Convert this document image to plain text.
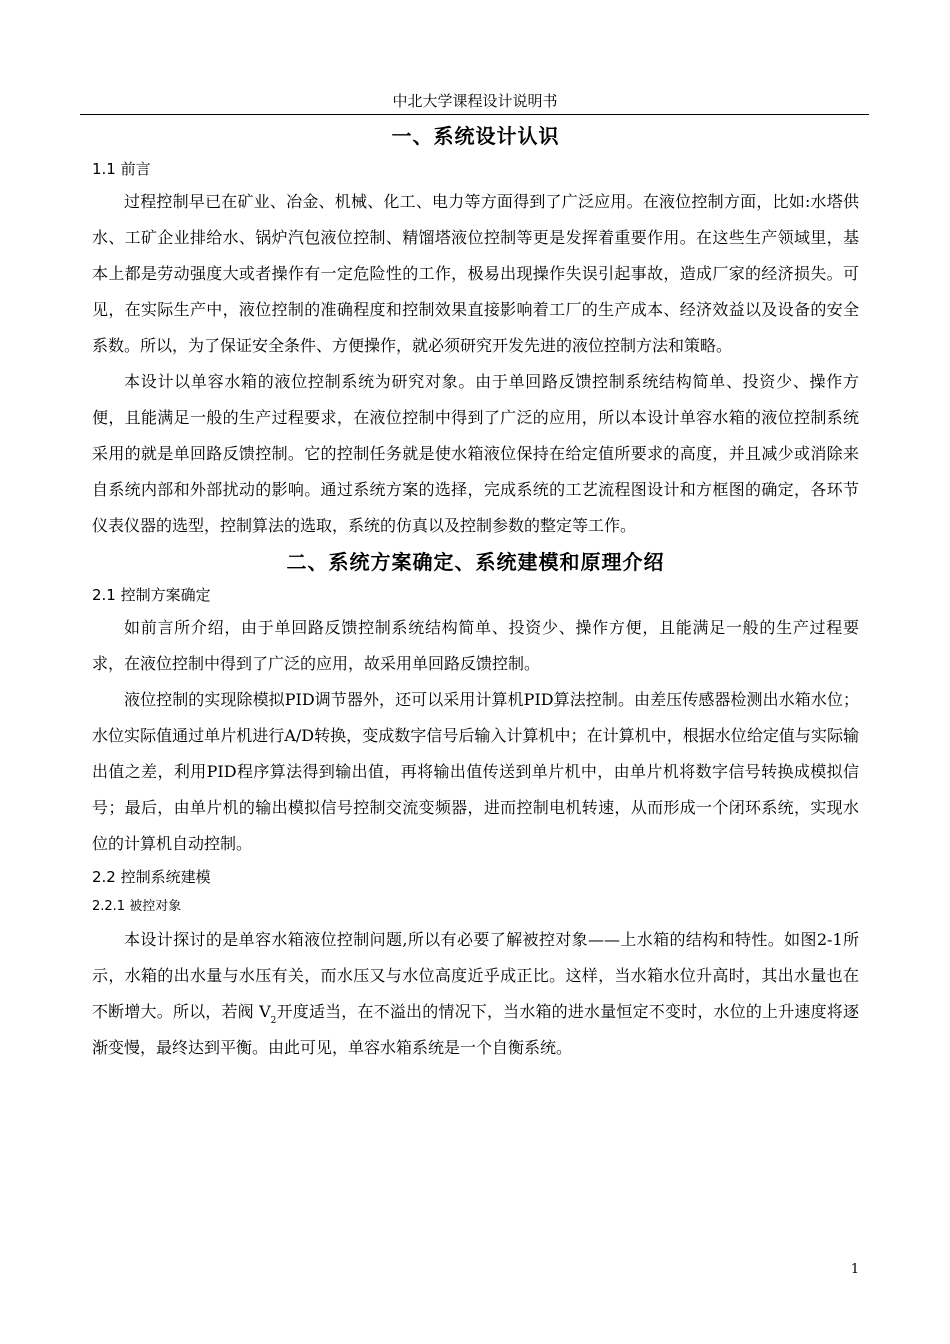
中北大学课程设计说明书
一、系统设计认识
1.1 前言

过程控制早已在矿业、冶金、机械、化工、电力等方面得到了广泛应用。在液位控制方面，比如:水塔供水、工矿企业排给水、锅炉汽包液位控制、精馏塔液位控制等更是发挥着重要作用。在这些生产领域里，基本上都是劳动强度大或者操作有一定危险性的工作，极易出现操作失误引起事故，造成厂家的经济损失。可见，在实际生产中，液位控制的准确程度和控制效果直接影响着工厂的生产成本、经济效益以及设备的安全系数。所以，为了保证安全条件、方便操作，就必须研究开发先进的液位控制方法和策略。

本设计以单容水箱的液位控制系统为研究对象。由于单回路反馈控制系统结构简单、投资少、操作方便，且能满足一般的生产过程要求，在液位控制中得到了广泛的应用，所以本设计单容水箱的液位控制系统采用的就是单回路反馈控制。它的控制任务就是使水箱液位保持在给定值所要求的高度，并且减少或消除来自系统内部和外部扰动的影响。通过系统方案的选择，完成系统的工艺流程图设计和方框图的确定，各环节仪表仪器的选型，控制算法的选取，系统的仿真以及控制参数的整定等工作。

二、系统方案确定、系统建模和原理介绍
2.1 控制方案确定

如前言所介绍，由于单回路反馈控制系统结构简单、投资少、操作方便，且能满足一般的生产过程要求，在液位控制中得到了广泛的应用，故采用单回路反馈控制。

液位控制的实现除模拟PID调节器外，还可以采用计算机PID算法控制。由差压传感器检测出水箱水位；水位实际值通过单片机进行A/D转换，变成数字信号后输入计算机中；在计算机中，根据水位给定值与实际输出值之差，利用PID程序算法得到输出值，再将输出值传送到单片机中，由单片机将数字信号转换成模拟信号；最后，由单片机的输出模拟信号控制交流变频器，进而控制电机转速，从而形成一个闭环系统，实现水位的计算机自动控制。

2.2 控制系统建模
2.2.1 被控对象

本设计探讨的是单容水箱液位控制问题,所以有必要了解被控对象——上水箱的结构和特性。如图2-1所示，水箱的出水量与水压有关，而水压又与水位高度近乎成正比。这样，当水箱水位升高时，其出水量也在不断增大。所以，若阀 $V_2$开度适当，在不溢出的情况下，当水箱的进水量恒定不变时，水位的上升速度将逐渐变慢，最终达到平衡。由此可见，单容水箱系统是一个自衡系统。

1
